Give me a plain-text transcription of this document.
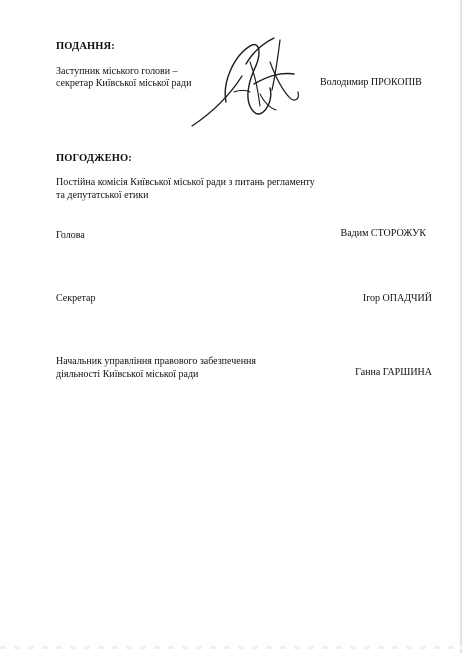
ПОДАННЯ:
Заступник міського голови –
секретар Київської міської ради	Володимир ПРОКОПІВ
ПОГОДЖЕНО:
Постійна комісія Київської міської ради з питань регламенту
та депутатської етики
Голова	Вадим СТОРОЖУК
Секретар	Ігор ОПАДЧИЙ
Начальник управління правового забезпечення
діяльності Київської міської ради	Ганна ГАРШИНА
